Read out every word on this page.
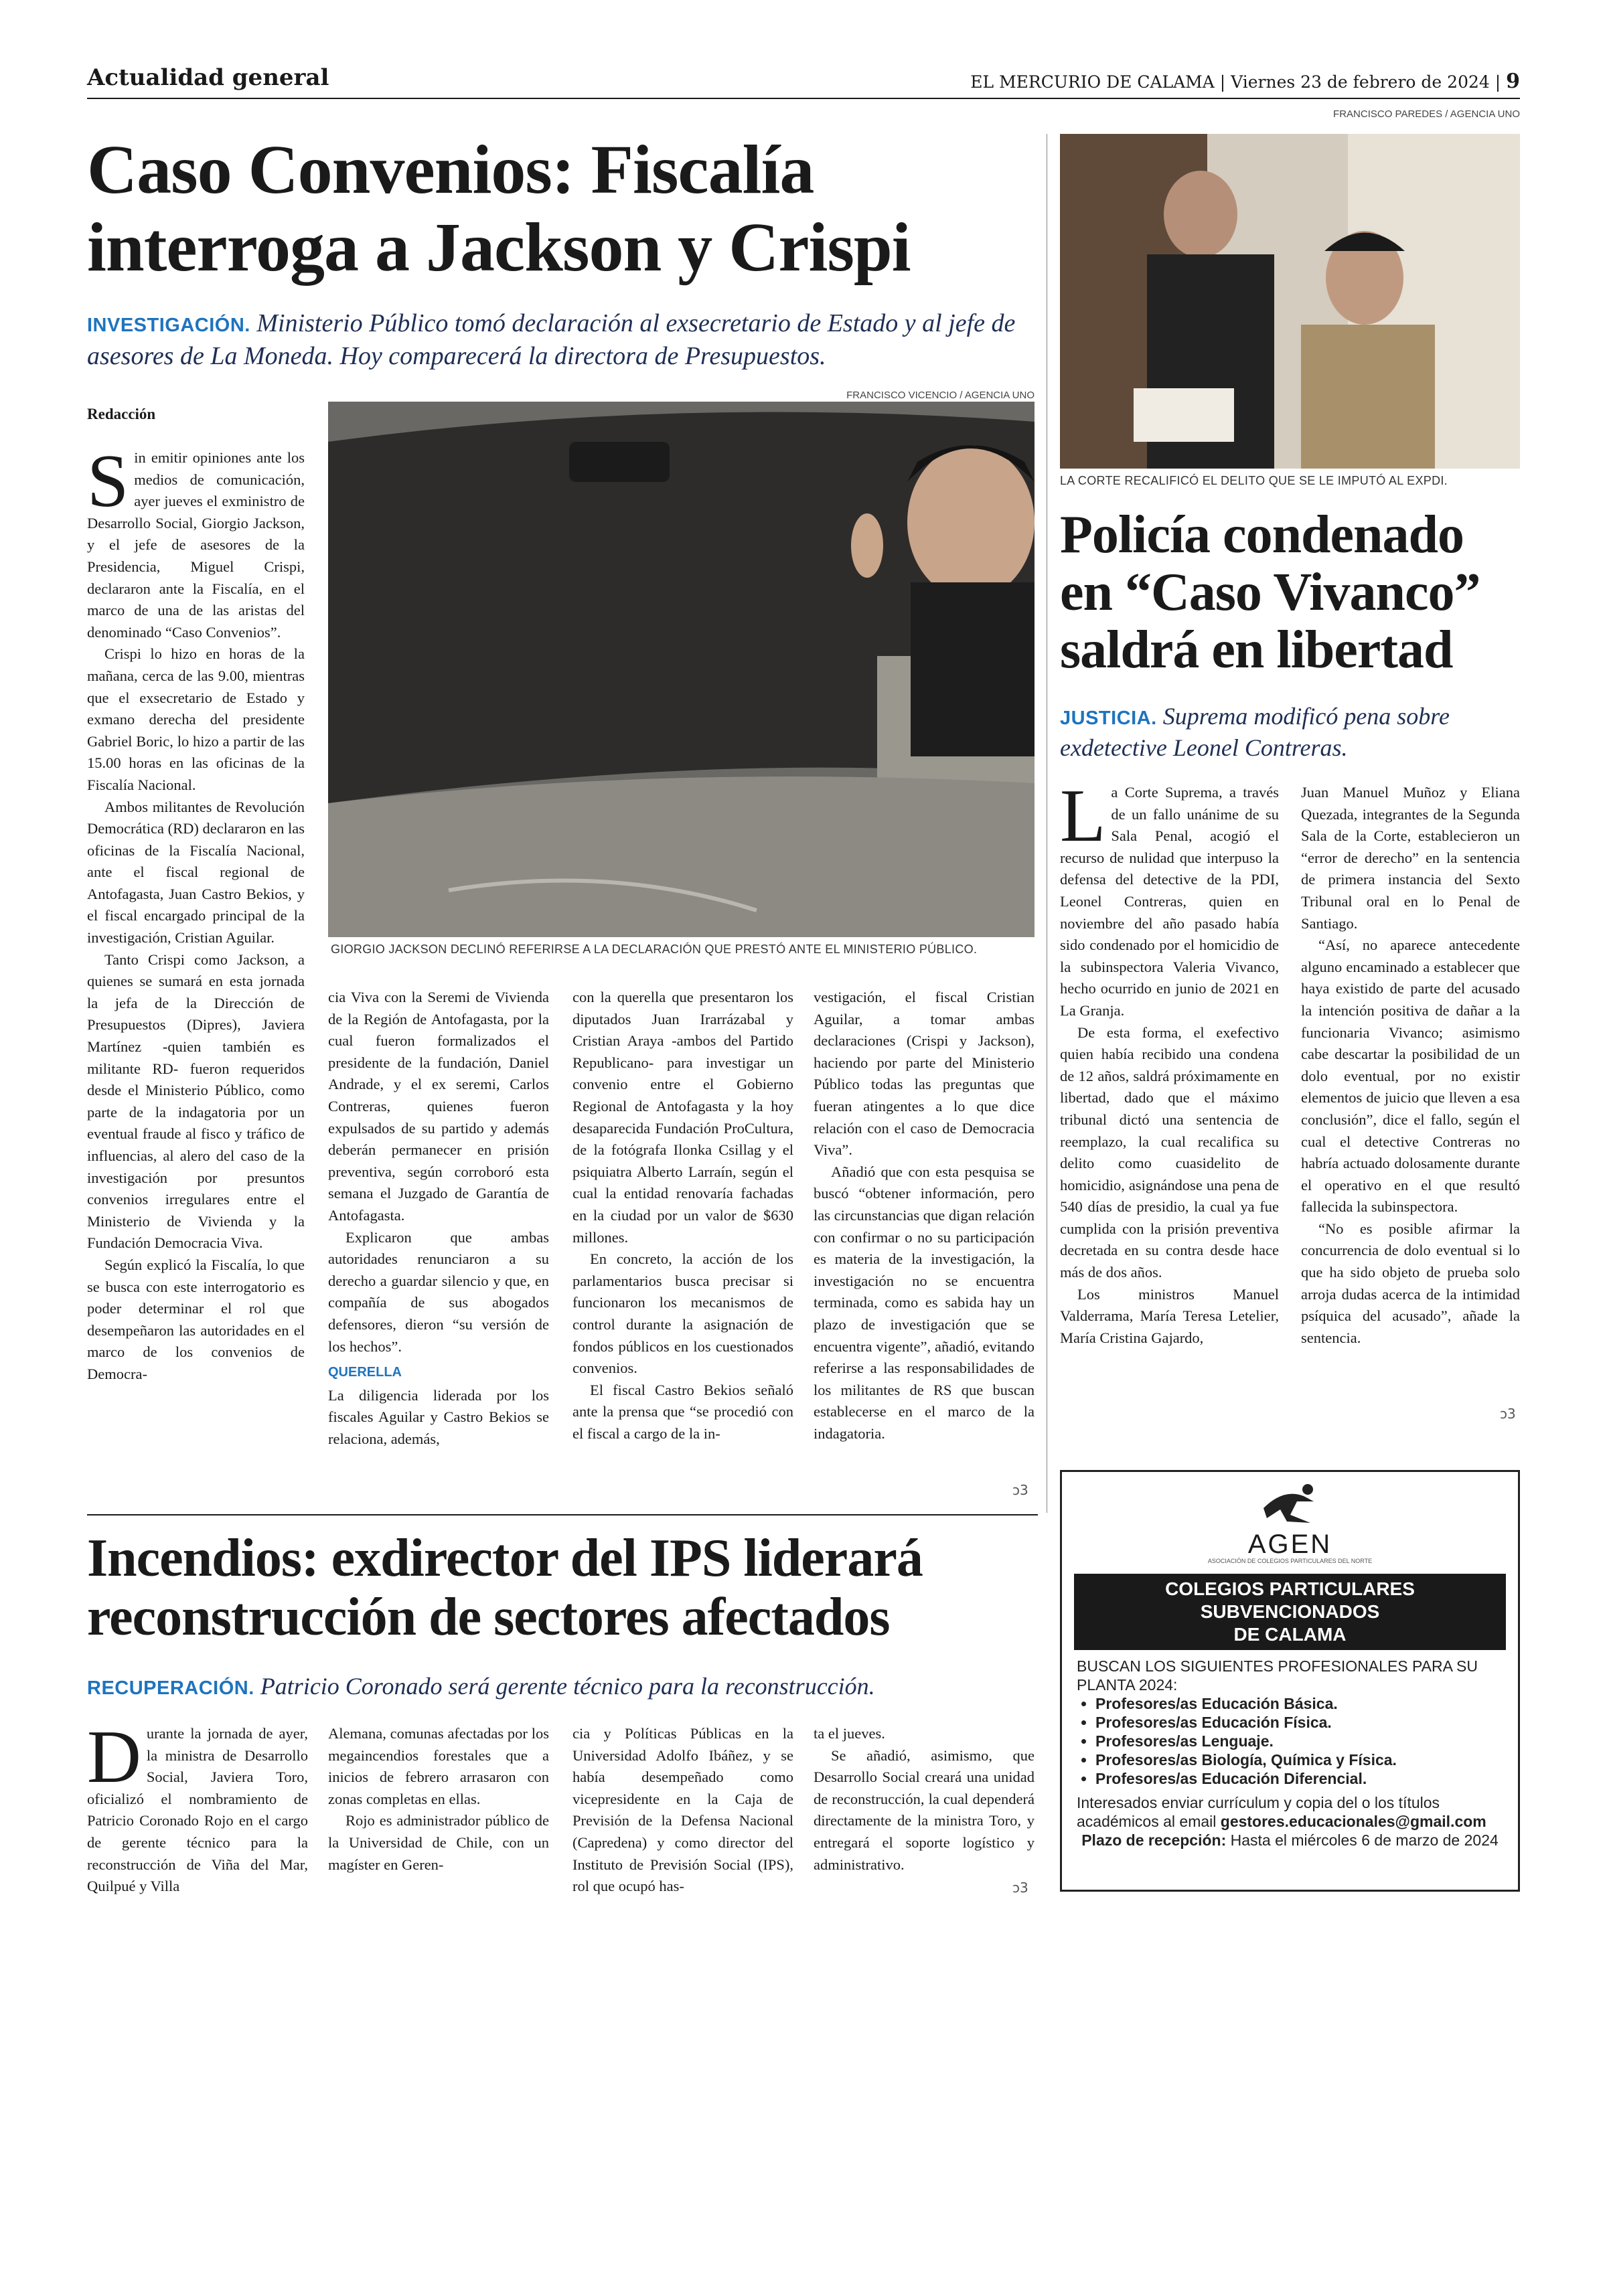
Actualidad general	EL MERCURIO DE CALAMA | Viernes 23 de febrero de 2024 | 9
Caso Convenios: Fiscalía
interroga a Jackson y Crispi

INVESTIGACIÓN. Ministerio Público tomó declaración al exsecretario de Estado y al jefe de asesores de La Moneda. Hoy comparecerá la directora de Presupuestos.

Redacción
FRANCISCO VICENCIO / AGENCIA UNO
GIORGIO JACKSON DECLINÓ REFERIRSE A LA DECLARACIÓN QUE PRESTÓ ANTE EL MINISTERIO PÚBLICO.
S in emitir opiniones ante los medios de comunicación, ayer jueves el exministro de Desarrollo Social, Giorgio Jackson, y el jefe de asesores de la Presidencia, Miguel Crispi, declararon ante la Fiscalía, en el marco de una de las aristas del denominado “Caso Convenios”.

Crispi lo hizo en horas de la mañana, cerca de las 9.00, mientras que el exsecretario de Estado y exmano derecha del presidente Gabriel Boric, lo hizo a partir de las 15.00 horas en las oficinas de la Fiscalía Nacional.

Ambos militantes de Revolución Democrática (RD) declararon en las oficinas de la Fiscalía Nacional, ante el fiscal regional de Antofagasta, Juan Castro Bekios, y el fiscal encargado principal de la investigación, Cristian Aguilar.

Tanto Crispi como Jackson, a quienes se sumará en esta jornada la jefa de la Dirección de Presupuestos (Dipres), Javiera Martínez -quien también es militante RD- fueron requeridos desde el Ministerio Público, como parte de la indagatoria por un eventual fraude al fisco y tráfico de influencias, al alero del caso de la investigación por presuntos convenios irregulares entre el Ministerio de Vivienda y la Fundación Democracia Viva.

Según explicó la Fiscalía, lo que se busca con este interrogatorio es poder determinar el rol que desempeñaron las autoridades en el marco de los convenios de Democra-

cia Viva con la Seremi de Vivienda de la Región de Antofagasta, por la cual fueron formalizados el presidente de la fundación, Daniel Andrade, y el ex seremi, Carlos Contreras, quienes fueron expulsados de su partido y además deberán permanecer en prisión preventiva, según corroboró esta semana el Juzgado de Garantía de Antofagasta.

Explicaron que ambas autoridades renunciaron a su derecho a guardar silencio y que, en compañía de sus abogados defensores, dieron “su versión de los hechos”.

QUERELLA

La diligencia liderada por los fiscales Aguilar y Castro Bekios se relaciona, además,

con la querella que presentaron los diputados Juan Irarrázabal y Cristian Araya -ambos del Partido Republicano- para investigar un convenio entre el Gobierno Regional de Antofagasta y la hoy desaparecida Fundación ProCultura, de la fotógrafa Ilonka Csillag y el psiquiatra Alberto Larraín, según el cual la entidad renovaría fachadas en la ciudad por un valor de $630 millones.

En concreto, la acción de los parlamentarios busca precisar si funcionaron los mecanismos de control durante la asignación de fondos públicos en los cuestionados convenios.

El fiscal Castro Bekios señaló ante la prensa que “se procedió con el fiscal a cargo de la in-

vestigación, el fiscal Cristian Aguilar, a tomar ambas declaraciones (Crispi y Jackson), haciendo por parte del Ministerio Público todas las preguntas que fueran atingentes a lo que dice relación con el caso de Democracia Viva”.

Añadió que con esta pesquisa se buscó “obtener información, pero las circunstancias que digan relación con confirmar o no su participación es materia de la investigación, la investigación no se encuentra terminada, como es sabida hay un plazo de investigación que se encuentra vigente”, añadió, evitando referirse a las responsabilidades de los militantes de RS que buscan establecerse en el marco de la indagatoria.

ↄ3
FRANCISCO PAREDES / AGENCIA UNO
LA CORTE RECALIFICÓ EL DELITO QUE SE LE IMPUTÓ AL EXPDI.
Policía condenado
en “Caso Vivanco”
saldrá en libertad

JUSTICIA. Suprema modificó pena sobre exdetective Leonel Contreras.

L a Corte Suprema, a través de un fallo unánime de su Sala Penal, acogió el recurso de nulidad que interpuso la defensa del detective de la PDI, Leonel Contreras, quien en noviembre del año pasado había sido condenado por el homicidio de la subinspectora Valeria Vivanco, hecho ocurrido en junio de 2021 en La Granja.

De esta forma, el exefectivo quien había recibido una condena de 12 años, saldrá próximamente en libertad, dado que el máximo tribunal dictó una sentencia de reemplazo, la cual recalifica su delito como cuasidelito de homicidio, asignándose una pena de 540 días de presidio, la cual ya fue cumplida con la prisión preventiva decretada en su contra desde hace más de dos años.

Los ministros Manuel Valderrama, María Teresa Letelier, María Cristina Gajardo,

Juan Manuel Muñoz y Eliana Quezada, integrantes de la Segunda Sala de la Corte, establecieron un “error de derecho” en la sentencia de primera instancia del Sexto Tribunal oral en lo Penal de Santiago.

“Así, no aparece antecedente alguno encaminado a establecer que haya existido de parte del acusado la intención positiva de dañar a la funcionaria Vivanco; asimismo cabe descartar la posibilidad de un dolo eventual, por no existir elementos de juicio que lleven a esa conclusión”, dice el fallo, según el cual el detective Contreras no habría actuado dolosamente durante el operativo en el que resultó fallecida la subinspectora.

“No es posible afirmar la concurrencia de dolo eventual si lo que ha sido objeto de prueba solo arroja dudas acerca de la intimidad psíquica del acusado”, añade la sentencia.

ↄ3
AGEN
ASOCIACIÓN DE COLEGIOS PARTICULARES DEL NORTE
COLEGIOS PARTICULARES SUBVENCIONADOS
DE CALAMA
BUSCAN LOS SIGUIENTES PROFESIONALES PARA SU PLANTA 2024:
• Profesores/as Educación Básica.
• Profesores/as Educación Física.
• Profesores/as Lenguaje.
• Profesores/as Biología, Química y Física.
• Profesores/as Educación Diferencial.
Interesados enviar currículum y copia del o los títulos académicos al email gestores.educacionales@gmail.com
Plazo de recepción: Hasta el miércoles 6 de marzo de 2024
Incendios: exdirector del IPS liderará
reconstrucción de sectores afectados

RECUPERACIÓN. Patricio Coronado será gerente técnico para la reconstrucción.

D urante la jornada de ayer, la ministra de Desarrollo Social, Javiera Toro, oficializó el nombramiento de Patricio Coronado Rojo en el cargo de gerente técnico para la reconstrucción de Viña del Mar, Quilpué y Villa

Alemana, comunas afectadas por los megaincendios forestales que a inicios de febrero arrasaron con zonas completas en ellas.

Rojo es administrador público de la Universidad de Chile, con un magíster en Geren-

cia y Políticas Públicas en la Universidad Adolfo Ibáñez, y se había desempeñado como vicepresidente en la Caja de Previsión de la Defensa Nacional (Capredena) y como director del Instituto de Previsión Social (IPS), rol que ocupó has-

ta el jueves.

Se añadió, asimismo, que Desarrollo Social creará una unidad de reconstrucción, la cual dependerá directamente de la ministra Toro, y entregará el soporte logístico y administrativo.

ↄ3
